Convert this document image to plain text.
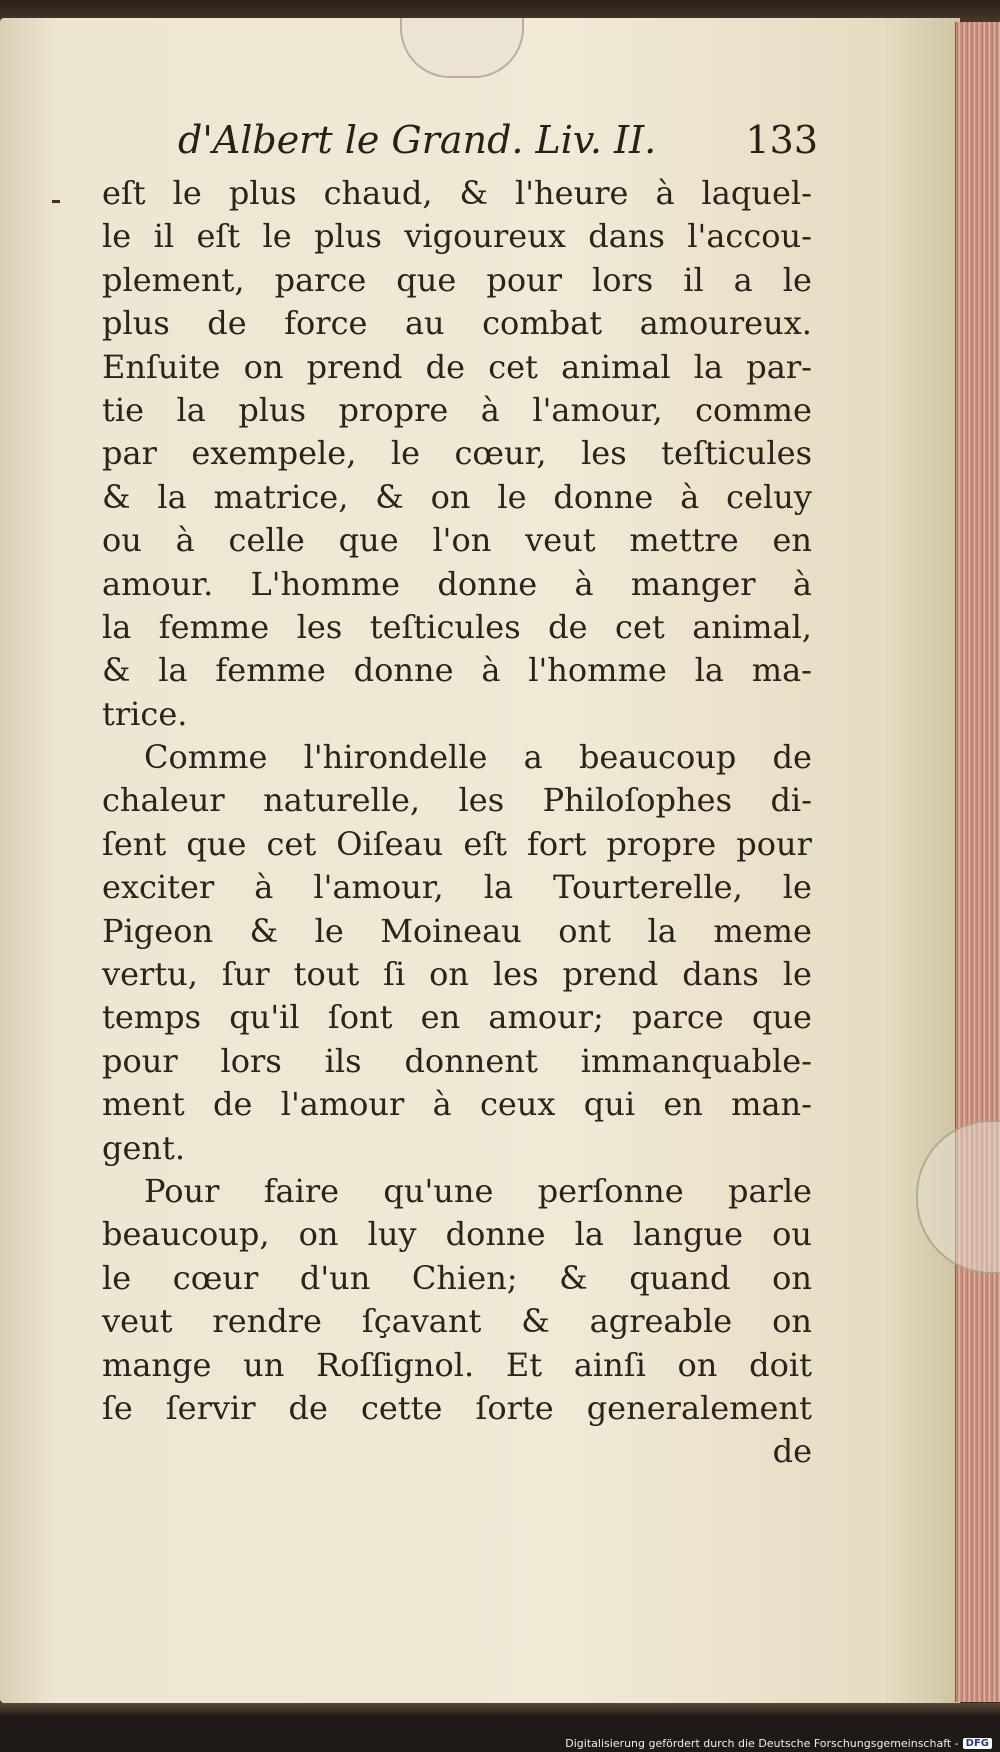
d'Albert le Grand. Liv. II. 133
eſt le plus chaud, & l'heure à laquel-
le il eſt le plus vigoureux dans l'accou-
plement, parce que pour lors il a le
plus de force au combat amoureux.
Enſuite on prend de cet animal la par-
tie la plus propre à l'amour, comme
par exempele, le cœur, les teſticules
& la matrice, & on le donne à celuy
ou à celle que l'on veut mettre en
amour. L'homme donne à manger à
la femme les teſticules de cet animal,
& la femme donne à l'homme la ma-
trice.
Comme l'hirondelle a beaucoup de
chaleur naturelle, les Philoſophes di-
ſent que cet Oiſeau eſt fort propre pour
exciter à l'amour, la Tourterelle, le
Pigeon & le Moineau ont la meme
vertu, ſur tout ſi on les prend dans le
temps qu'il ſont en amour; parce que
pour lors ils donnent immanquable-
ment de l'amour à ceux qui en man-
gent.
Pour faire qu'une perſonne parle
beaucoup, on luy donne la langue ou
le cœur d'un Chien; & quand on
veut rendre ſçavant & agreable on
mange un Roſſignol. Et ainſi on doit
ſe ſervir de cette ſorte generalement
de
Digitalisierung gefördert durch die Deutsche Forschungsgemeinschaft - DFG
